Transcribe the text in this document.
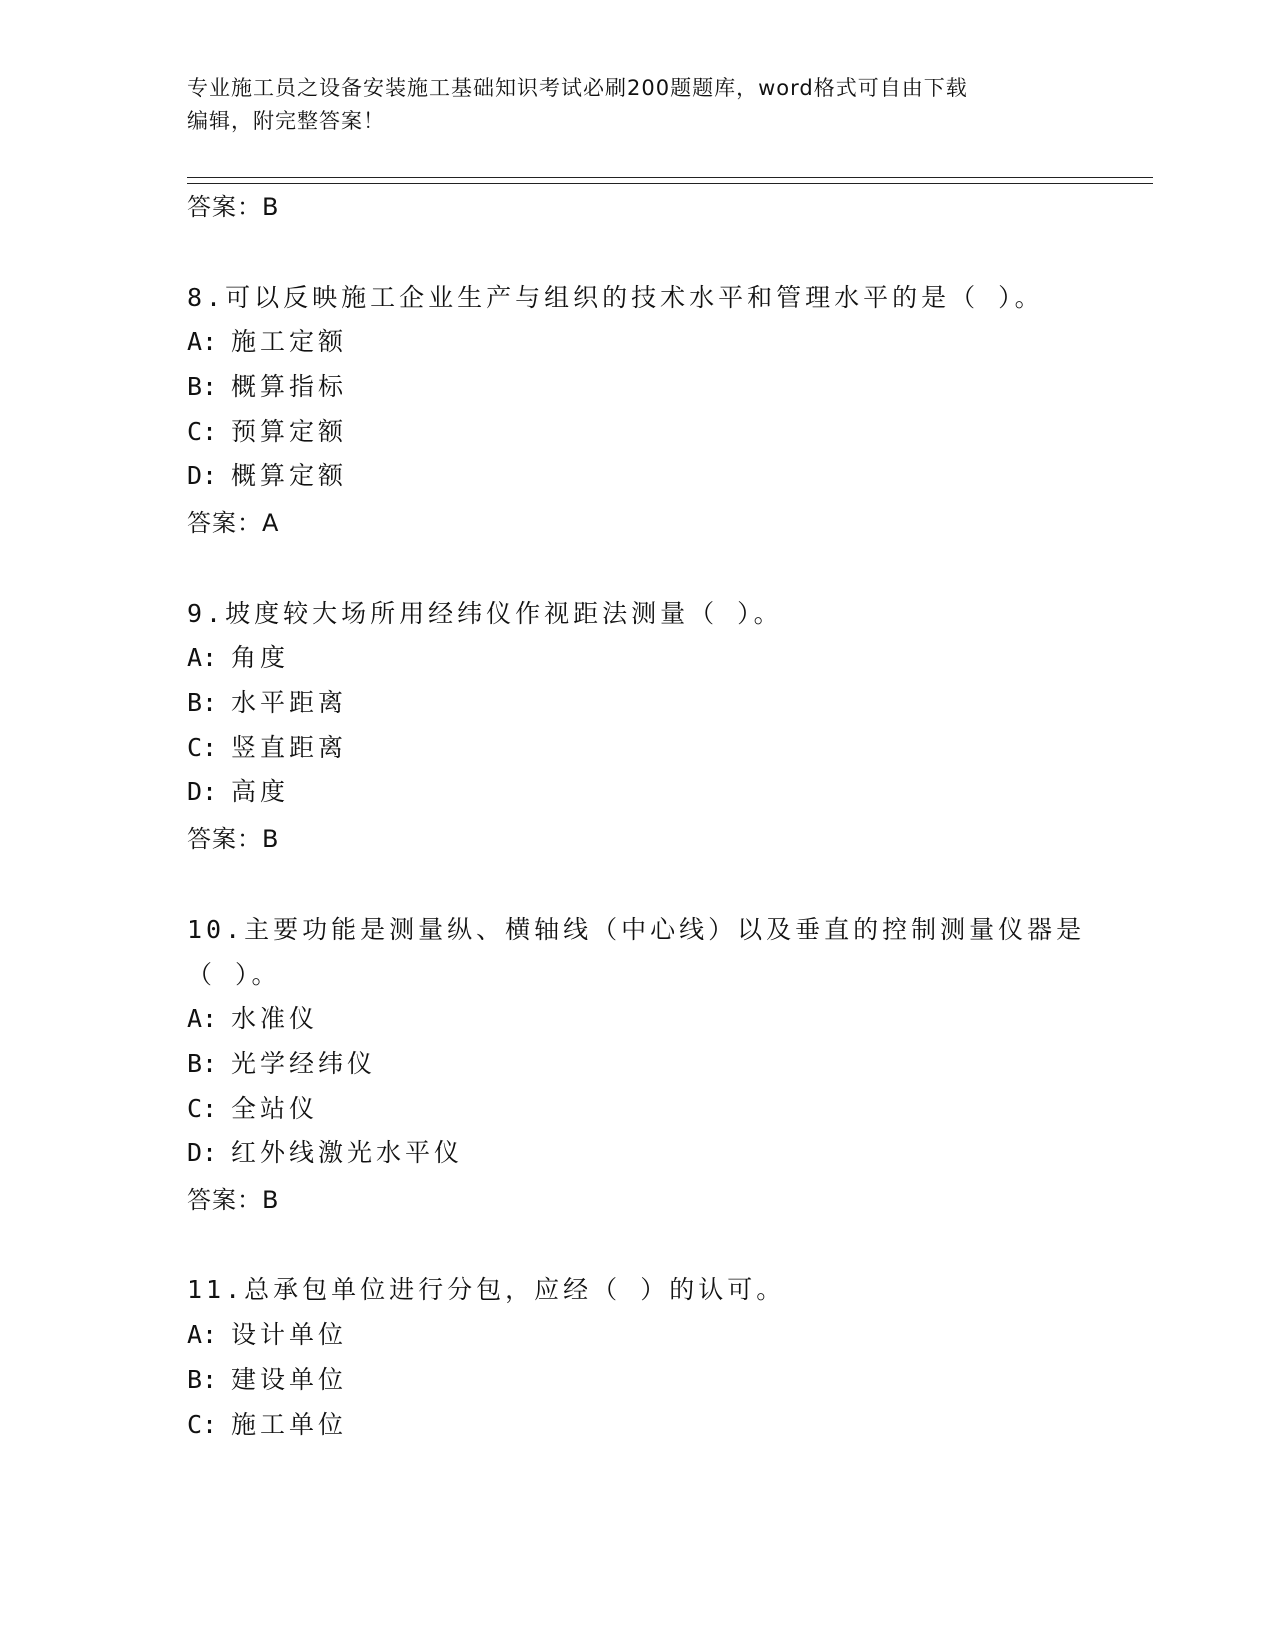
专业施工员之设备安装施工基础知识考试必刷200题题库，word格式可自由下载
编辑，附完整答案！
答案：B
8.可以反映施工企业生产与组织的技术水平和管理水平的是（ ）。
A: 施工定额
B: 概算指标
C: 预算定额
D: 概算定额
答案：A
9.坡度较大场所用经纬仪作视距法测量（ ）。
A: 角度
B: 水平距离
C: 竖直距离
D: 高度
答案：B
10.主要功能是测量纵、横轴线（中心线）以及垂直的控制测量仪器是
（ ）。
A: 水准仪
B: 光学经纬仪
C: 全站仪
D: 红外线激光水平仪
答案：B
11.总承包单位进行分包，应经（ ）的认可。
A: 设计单位
B: 建设单位
C: 施工单位
